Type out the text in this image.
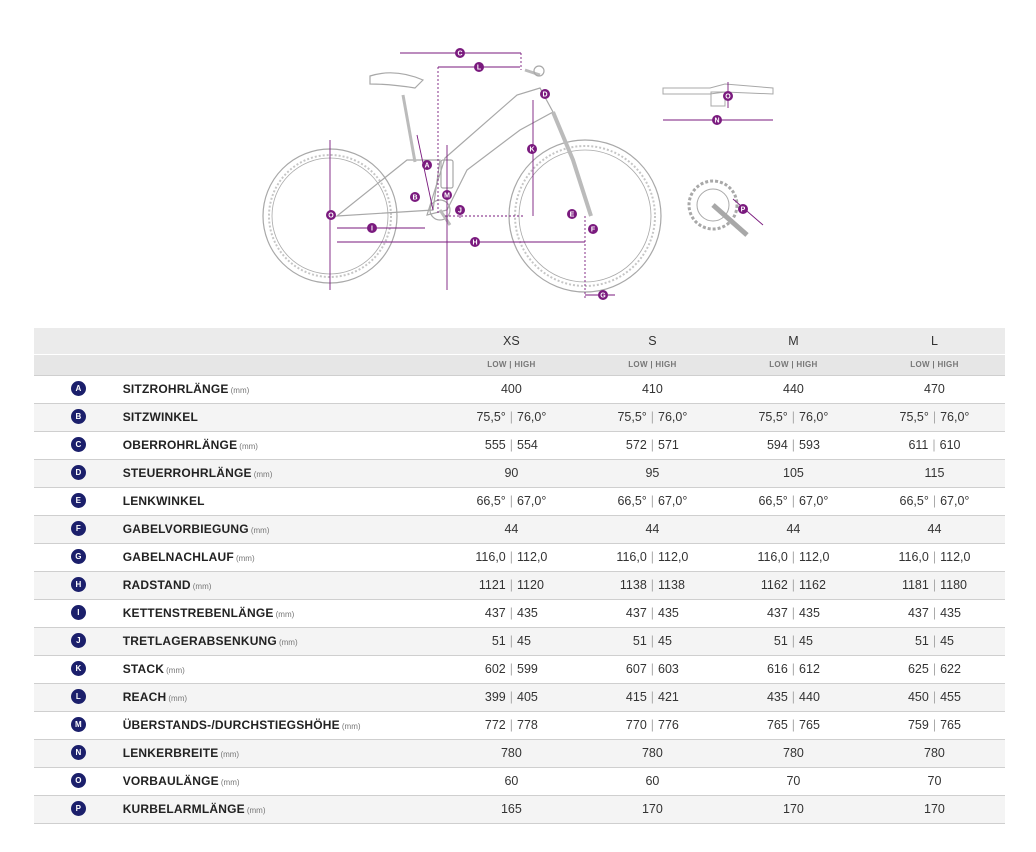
C
L
D
A
B	M
J
K
O	E
F
I
H
G
O
N
P
		XS	S	M	L
		LOW | HIGH	LOW | HIGH	LOW | HIGH	LOW | HIGH
A	SITZROHRLÄNGE (mm)	400	410	440	470
B	SITZWINKEL	75,5° | 76,0°	75,5° | 76,0°	75,5° | 76,0°	75,5° | 76,0°
C	OBERROHRLÄNGE (mm)	555 | 554	572 | 571	594 | 593	611 | 610
D	STEUERROHRLÄNGE (mm)	90	95	105	115
E	LENKWINKEL	66,5° | 67,0°	66,5° | 67,0°	66,5° | 67,0°	66,5° | 67,0°
F	GABELVORBIEGUNG (mm)	44	44	44	44
G	GABELNACHLAUF (mm)	116,0 | 112,0	116,0 | 112,0	116,0 | 112,0	116,0 | 112,0
H	RADSTAND (mm)	1121 | 1120	1138 | 1138	1162 | 1162	1181 | 1180
I	KETTENSTREBENLÄNGE (mm)	437 | 435	437 | 435	437 | 435	437 | 435
J	TRETLAGERABSENKUNG (mm)	51 | 45	51 | 45	51 | 45	51 | 45
K	STACK (mm)	602 | 599	607 | 603	616 | 612	625 | 622
L	REACH (mm)	399 | 405	415 | 421	435 | 440	450 | 455
M	ÜBERSTANDS-/DURCHSTIEGSHÖHE (mm)	772 | 778	770 | 776	765 | 765	759 | 765
N	LENKERBREITE (mm)	780	780	780	780
O	VORBAULÄNGE (mm)	60	60	70	70
P	KURBELARMLÄNGE (mm)	165	170	170	170
